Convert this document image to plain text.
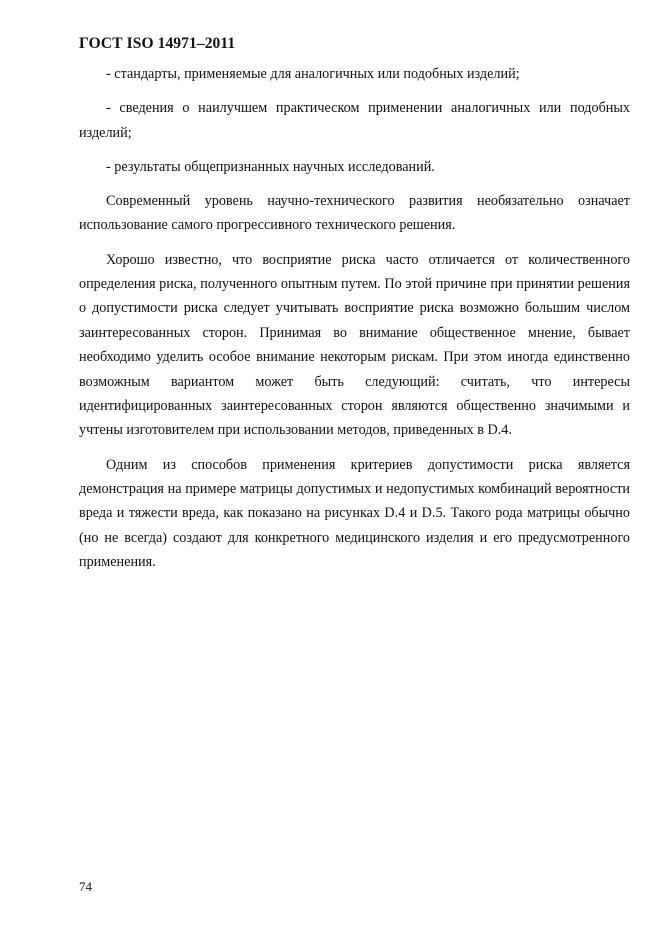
ГОСТ ISO 14971–2011

- стандарты, применяемые для аналогичных или подобных изделий;

- сведения о наилучшем практическом применении аналогичных или подобных изделий;

- результаты общепризнанных научных исследований.

Современный уровень научно-технического развития необязательно означает использование самого прогрессивного технического решения.

Хорошо известно, что восприятие риска часто отличается от количественного определения риска, полученного опытным путем. По этой причине при принятии решения о допустимости риска следует учитывать восприятие риска возможно большим числом заинтересованных сторон. Принимая во внимание общественное мнение, бывает необходимо уделить особое внимание некоторым рискам. При этом иногда единственно возможным вариантом может быть следующий: считать, что интересы идентифицированных заинтересованных сторон являются общественно значимыми и учтены изготовителем при использовании методов, приведенных в D.4.

Одним из способов применения критериев допустимости риска является демонстрация на примере матрицы допустимых и недопустимых комбинаций вероятности вреда и тяжести вреда, как показано на рисунках D.4 и D.5. Такого рода матрицы обычно (но не всегда) создают для конкретного медицинского изделия и его предусмотренного применения.

74
